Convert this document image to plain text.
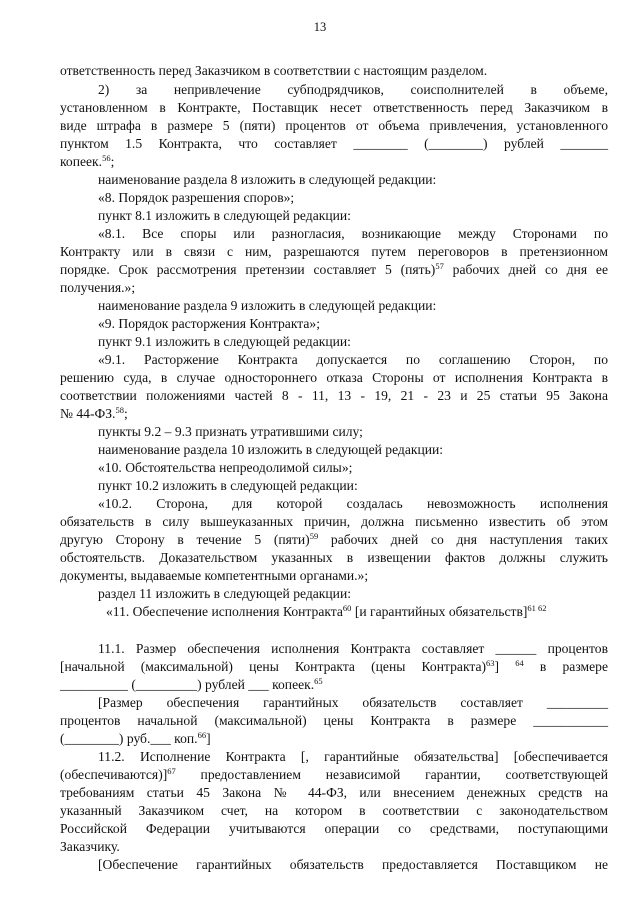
13
ответственность перед Заказчиком в соответствии с настоящим разделом.
2) за непривлечение субподрядчиков, соисполнителей в объеме,
установленном в Контракте, Поставщик несет ответственность перед Заказчиком в
виде штрафа в размере 5 (пяти) процентов от объема привлечения, установленного
пунктом 1.5 Контракта, что составляет ________ (________) рублей _______
копеек.$^{56}$;
наименование раздела 8 изложить в следующей редакции:
«8. Порядок разрешения споров»;
пункт 8.1 изложить в следующей редакции:
«8.1. Все споры или разногласия, возникающие между Сторонами по
Контракту или в связи с ним, разрешаются путем переговоров в претензионном
порядке. Срок рассмотрения претензии составляет 5 (пять)$^{57}$ рабочих дней со дня ее
получения.»;
наименование раздела 9 изложить в следующей редакции:
«9. Порядок расторжения Контракта»;
пункт 9.1 изложить в следующей редакции:
«9.1. Расторжение Контракта допускается по соглашению Сторон, по
решению суда, в случае одностороннего отказа Стороны от исполнения Контракта в
соответствии положениями частей 8 - 11, 13 - 19, 21 - 23 и 25 статьи 95 Закона
№ 44-ФЗ.$^{58}$;
пункты 9.2 – 9.3 признать утратившими силу;
наименование раздела 10 изложить в следующей редакции:
«10. Обстоятельства непреодолимой силы»;
пункт 10.2 изложить в следующей редакции:
«10.2. Сторона, для которой создалась невозможность исполнения
обязательств в силу вышеуказанных причин, должна письменно известить об этом
другую Сторону в течение 5 (пяти)$^{59}$ рабочих дней со дня наступления таких
обстоятельств. Доказательством указанных в извещении фактов должны служить
документы, выдаваемые компетентными органами.»;
раздел 11 изложить в следующей редакции:
«11. Обеспечение исполнения Контракта$^{60}$ [и гарантийных обязательств]$^{61 62}$
11.1. Размер обеспечения исполнения Контракта составляет ______ процентов
[начальной (максимальной) цены Контракта (цены Контракта)$^{63}$] $^{64}$ в размере
__________ (_________) рублей ___ копеек.$^{65}$
[Размер обеспечения гарантийных обязательств составляет _________
процентов начальной (максимальной) цены Контракта в размере ___________
(________) руб.___ коп.$^{66}$]
11.2. Исполнение Контракта [, гарантийные обязательства] [обеспечивается
(обеспечиваются)]$^{67}$ предоставлением независимой гарантии, соответствующей
требованиям статьи 45 Закона № 44-ФЗ, или внесением денежных средств на
указанный Заказчиком счет, на котором в соответствии с законодательством
Российской Федерации учитываются операции со средствами, поступающими
Заказчику.
[Обеспечение гарантийных обязательств предоставляется Поставщиком не
